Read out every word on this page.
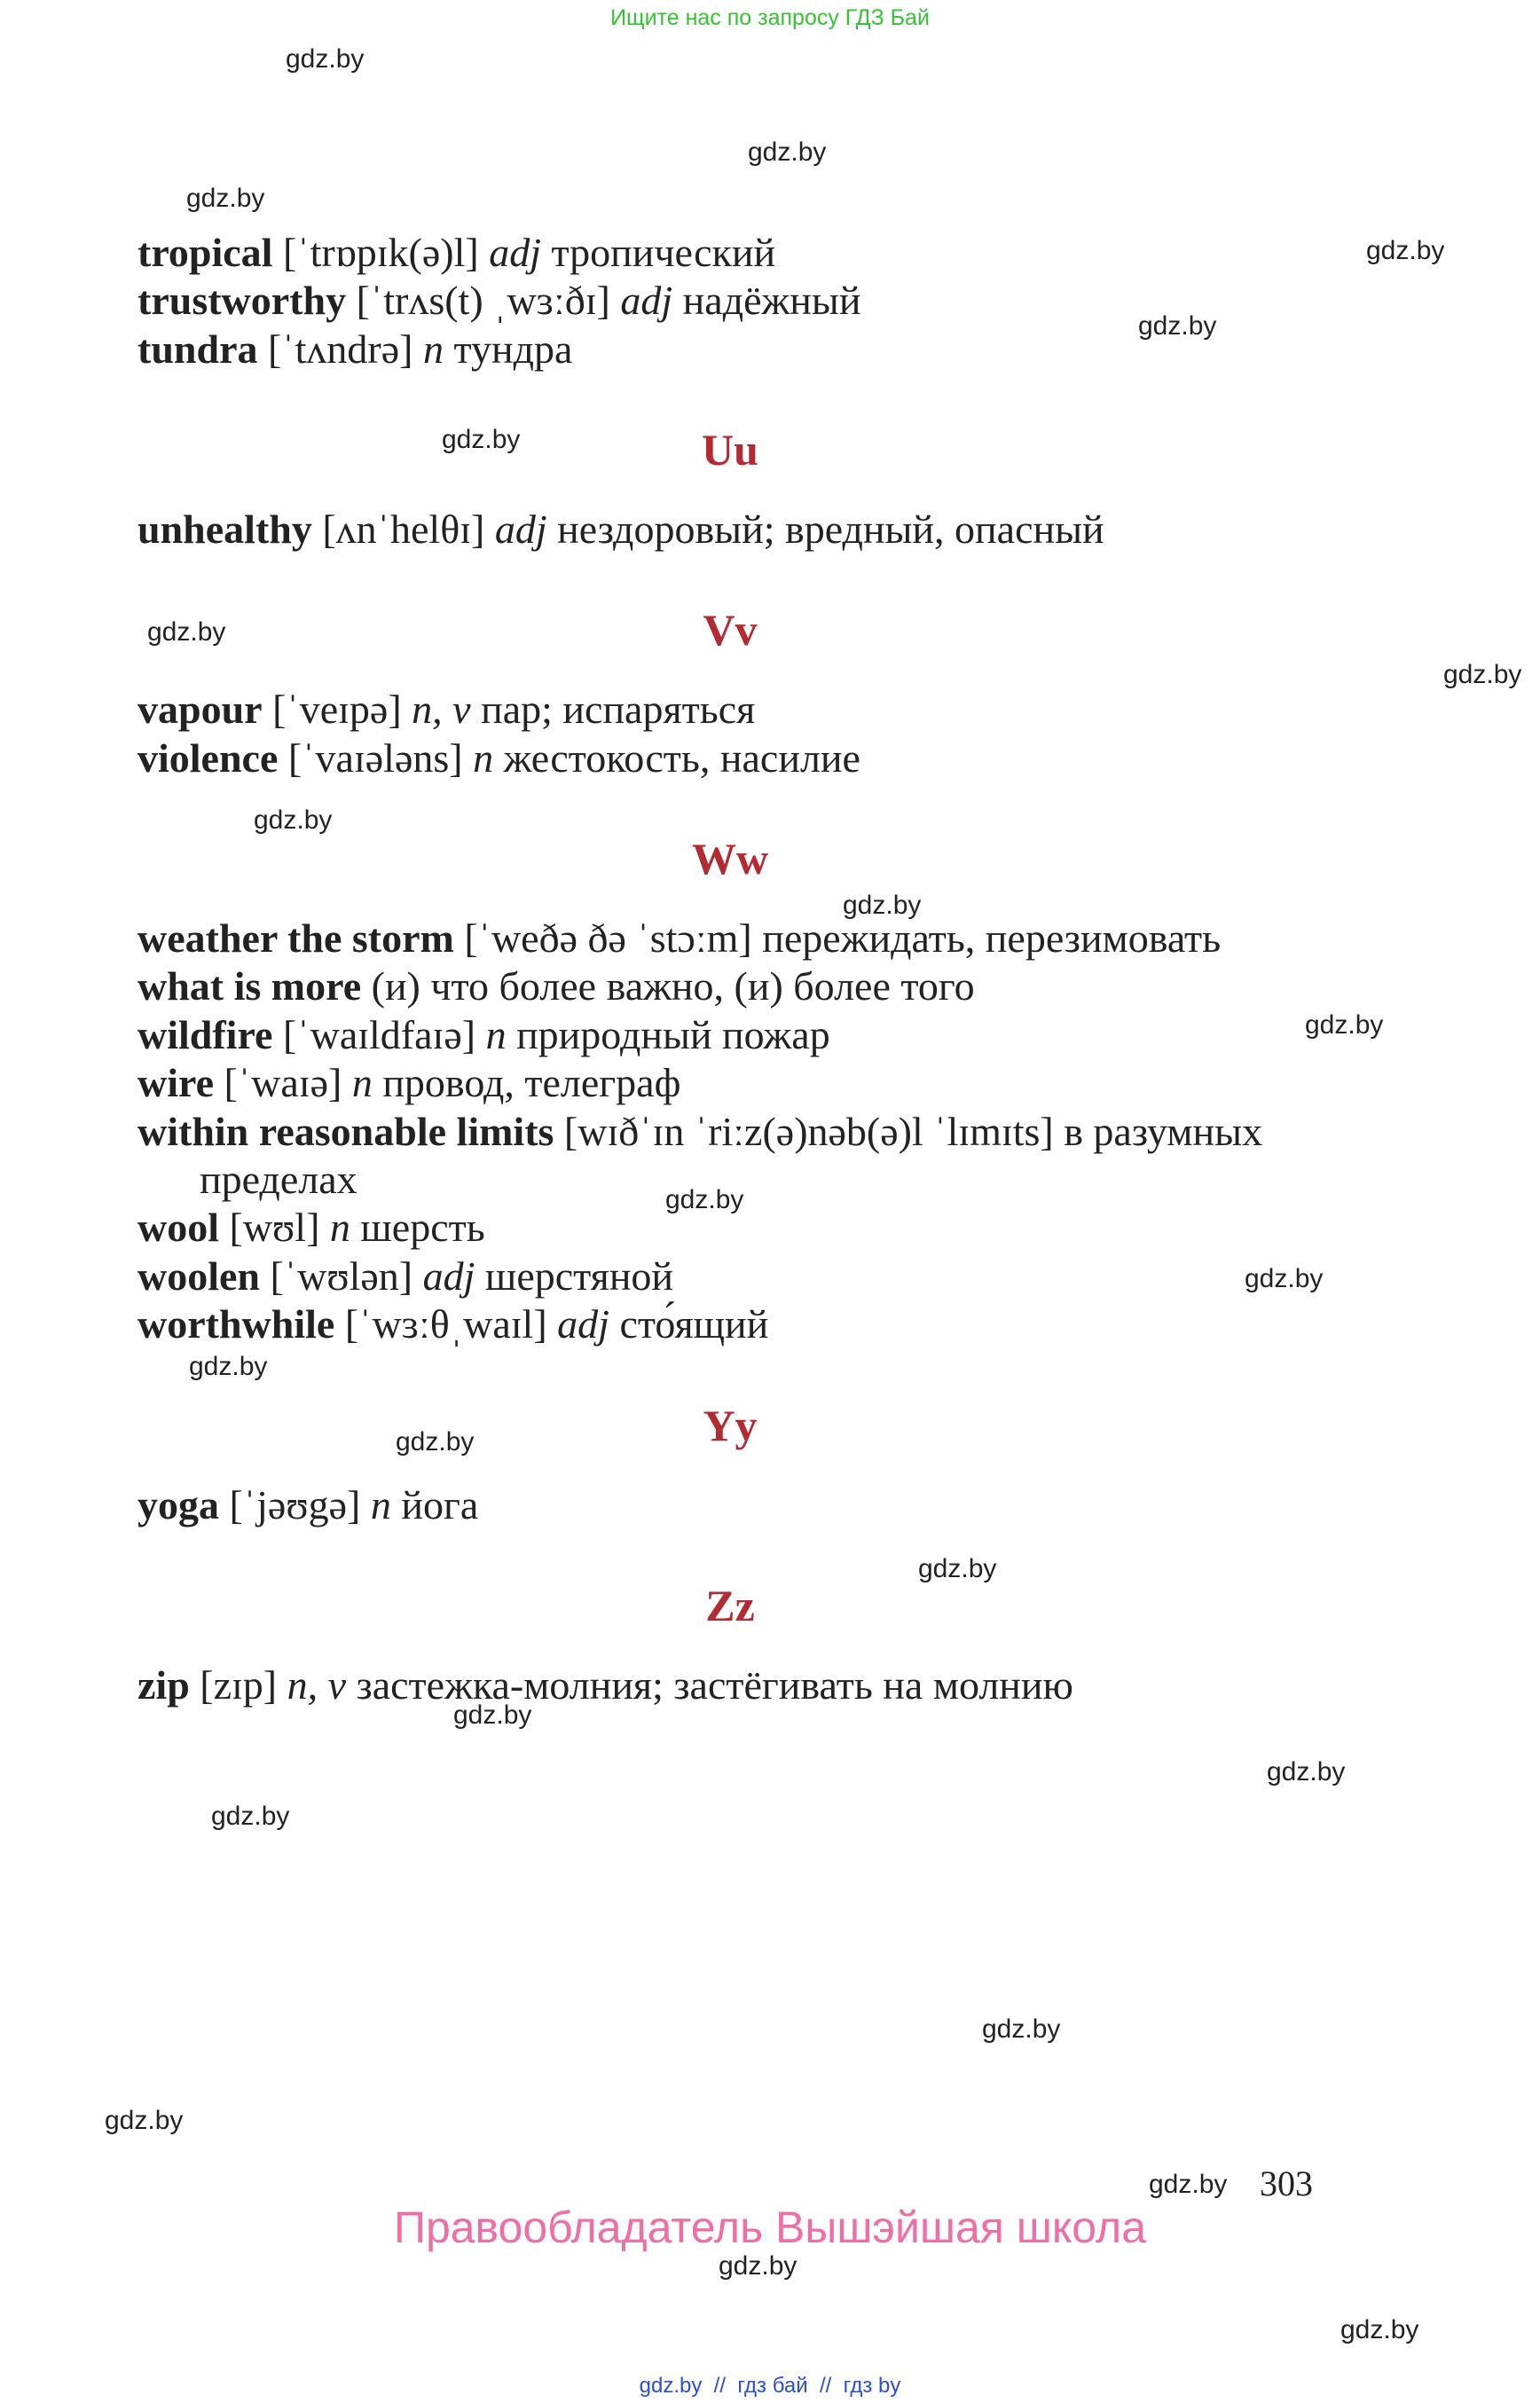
Ищите нас по запросу ГДЗ Бай
gdz.by
gdz.by
gdz.by
gdz.by
gdz.by
gdz.by
gdz.by
gdz.by
gdz.by
gdz.by
gdz.by
gdz.by
gdz.by
gdz.by
gdz.by
gdz.by
gdz.by
gdz.by
gdz.by
gdz.by
gdz.by
gdz.by
gdz.by
gdz.by
tropical [ˈtrɒpɪk(ə)l] adj тропический
trustworthy [ˈtrʌs(t) ˌwɜːðɪ] adj надёжный
tundra [ˈtʌndrə] n тундра
Uu
unhealthy [ʌnˈhelθɪ] adj нездоровый; вредный, опасный
Vv
vapour [ˈveɪpə] n, v пар; испаряться
violence [ˈvaɪələns] n жестокость, насилие
Ww
weather the storm [ˈweðə ðə ˈstɔːm] пережидать, перезимовать
what is more (и) что более важно, (и) более того
wildfire [ˈwaɪldfaɪə] n природный пожар
wire [ˈwaɪə] n провод, телеграф
within reasonable limits [wɪðˈɪn ˈriːz(ə)nəb(ə)l ˈlɪmɪts] в разумных
пределах
wool [wʊl] n шерсть
woolen [ˈwʊlən] adj шерстяной
worthwhile [ˈwɜːθˌwaɪl] adj сто́ящий
Yy
yoga [ˈjəʊgə] n йога
Zz
zip [zɪp] n, v застежка-молния; застёгивать на молнию
303
Правообладатель Вышэйшая школа
gdz.by  //  гдз бай  //  гдз by
